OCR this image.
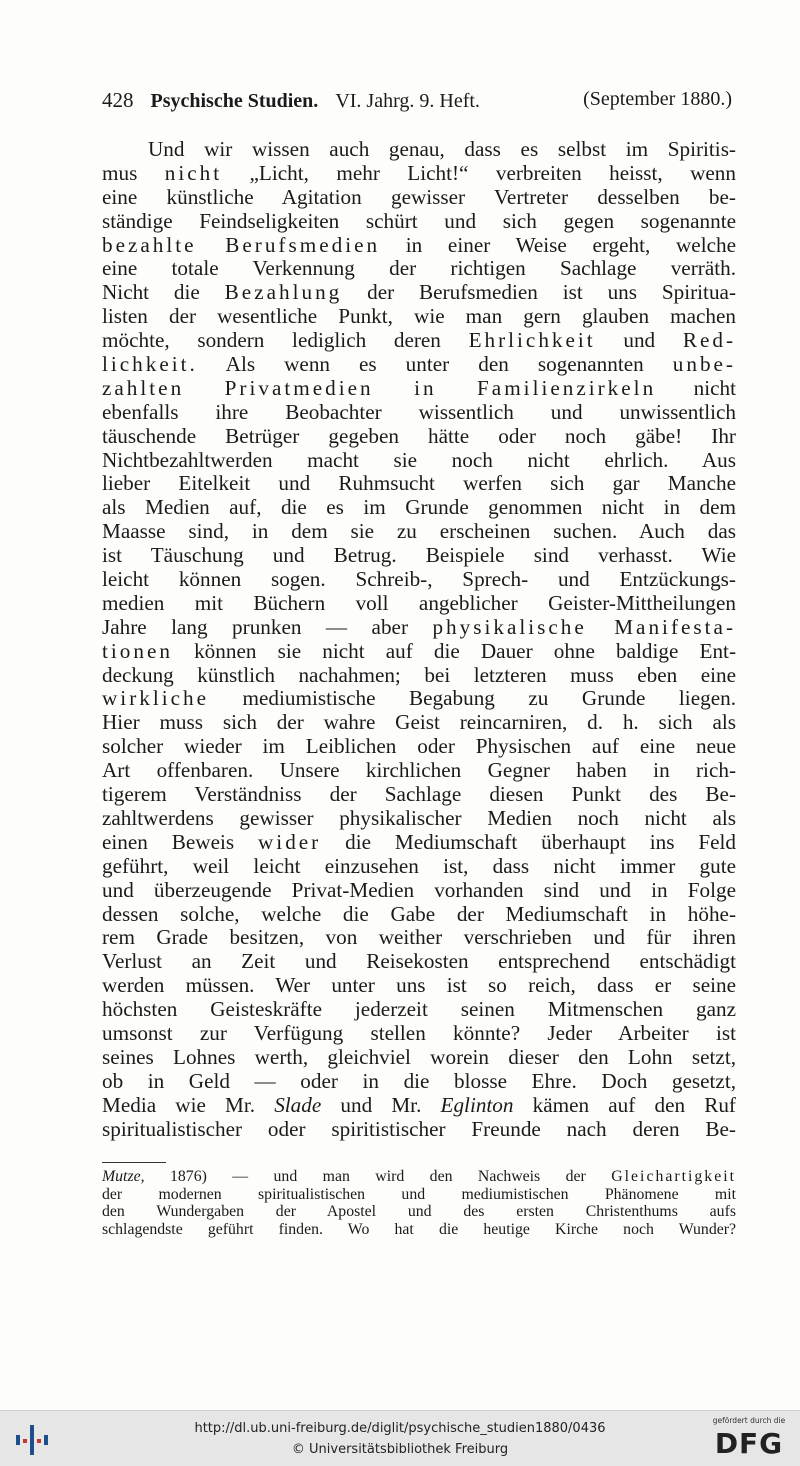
428 Psychische Studien. VI. Jahrg. 9. Heft.	(September 1880.)
Und wir wissen auch genau, dass es selbst im Spiritis-
mus nicht „Licht, mehr Licht!“ verbreiten heisst, wenn
eine künstliche Agitation gewisser Vertreter desselben be-
ständige Feindseligkeiten schürt und sich gegen sogenannte
bezahlte Berufsmedien in einer Weise ergeht, welche
eine totale Verkennung der richtigen Sachlage verräth.
Nicht die Bezahlung der Berufsmedien ist uns Spiritua-
listen der wesentliche Punkt, wie man gern glauben machen
möchte, sondern lediglich deren Ehrlichkeit und Red-
lichkeit. Als wenn es unter den sogenannten unbe-
zahlten Privatmedien in Familienzirkeln nicht
ebenfalls ihre Beobachter wissentlich und unwissentlich
täuschende Betrüger gegeben hätte oder noch gäbe! Ihr
Nichtbezahltwerden macht sie noch nicht ehrlich. Aus
lieber Eitelkeit und Ruhmsucht werfen sich gar Manche
als Medien auf, die es im Grunde genommen nicht in dem
Maasse sind, in dem sie zu erscheinen suchen. Auch das
ist Täuschung und Betrug. Beispiele sind verhasst. Wie
leicht können sogen. Schreib-, Sprech- und Entzückungs-
medien mit Büchern voll angeblicher Geister-Mittheilungen
Jahre lang prunken — aber physikalische Manifesta-
tionen können sie nicht auf die Dauer ohne baldige Ent-
deckung künstlich nachahmen; bei letzteren muss eben eine
wirkliche mediumistische Begabung zu Grunde liegen.
Hier muss sich der wahre Geist reincarniren, d. h. sich als
solcher wieder im Leiblichen oder Physischen auf eine neue
Art offenbaren. Unsere kirchlichen Gegner haben in rich-
tigerem Verständniss der Sachlage diesen Punkt des Be-
zahltwerdens gewisser physikalischer Medien noch nicht als
einen Beweis wider die Mediumschaft überhaupt ins Feld
geführt, weil leicht einzusehen ist, dass nicht immer gute
und überzeugende Privat-Medien vorhanden sind und in Folge
dessen solche, welche die Gabe der Mediumschaft in höhe-
rem Grade besitzen, von weither verschrieben und für ihren
Verlust an Zeit und Reisekosten entsprechend entschädigt
werden müssen. Wer unter uns ist so reich, dass er seine
höchsten Geisteskräfte jederzeit seinen Mitmenschen ganz
umsonst zur Verfügung stellen könnte? Jeder Arbeiter ist
seines Lohnes werth, gleichviel worein dieser den Lohn setzt,
ob in Geld — oder in die blosse Ehre. Doch gesetzt,
Media wie Mr. Slade und Mr. Eglinton kämen auf den Ruf
spiritualistischer oder spiritistischer Freunde nach deren Be-
Mutze, 1876) — und man wird den Nachweis der Gleichartigkeit
der modernen spiritualistischen und mediumistischen Phänomene mit
den Wundergaben der Apostel und des ersten Christenthums aufs
schlagendste geführt finden. Wo hat die heutige Kirche noch Wunder?
http://dl.ub.uni-freiburg.de/diglit/psychische_studien1880/0436
© Universitätsbibliothek Freiburg
gefördert durch die
DFG
